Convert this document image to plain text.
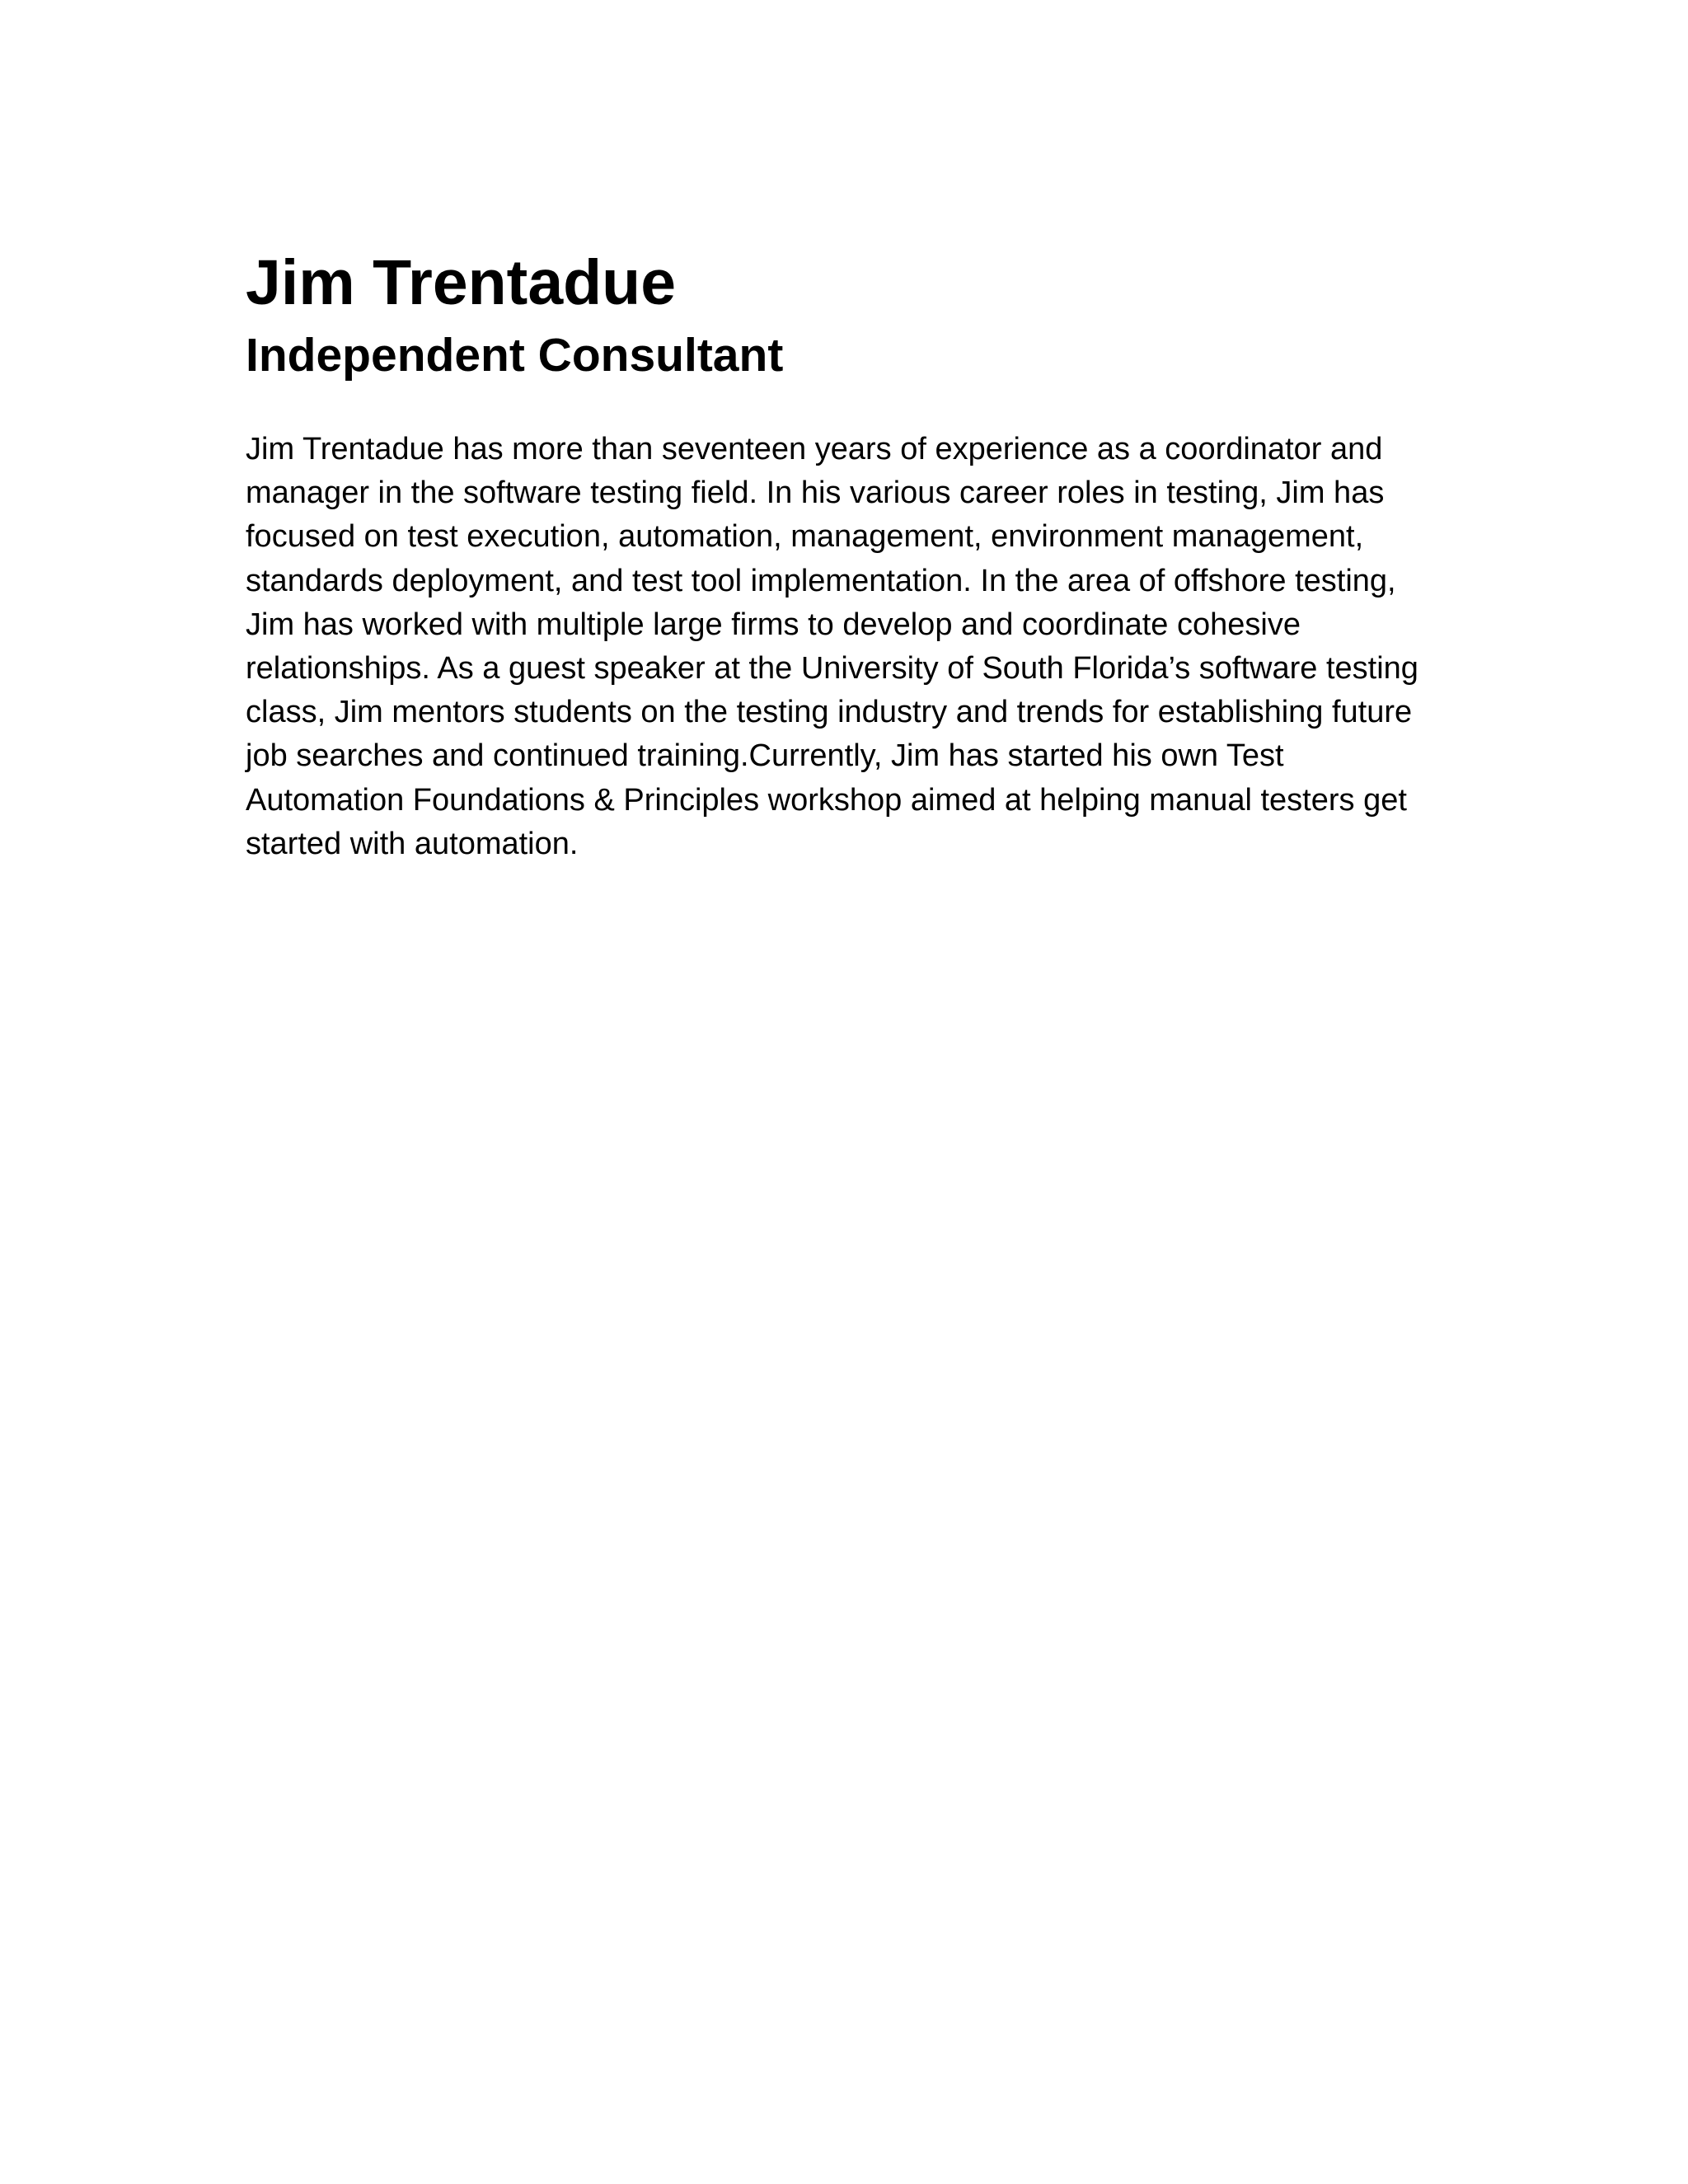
Jim Trentadue
Independent Consultant

Jim Trentadue has more than seventeen years of experience as a coordinator and manager in the software testing field. In his various career roles in testing, Jim has focused on test execution, automation, management, environment management, standards deployment, and test tool implementation. In the area of offshore testing, Jim has worked with multiple large firms to develop and coordinate cohesive relationships. As a guest speaker at the University of South Florida’s software testing class, Jim mentors students on the testing industry and trends for establishing future job searches and continued training.Currently, Jim has started his own Test Automation Foundations & Principles workshop aimed at helping manual testers get started with automation.
